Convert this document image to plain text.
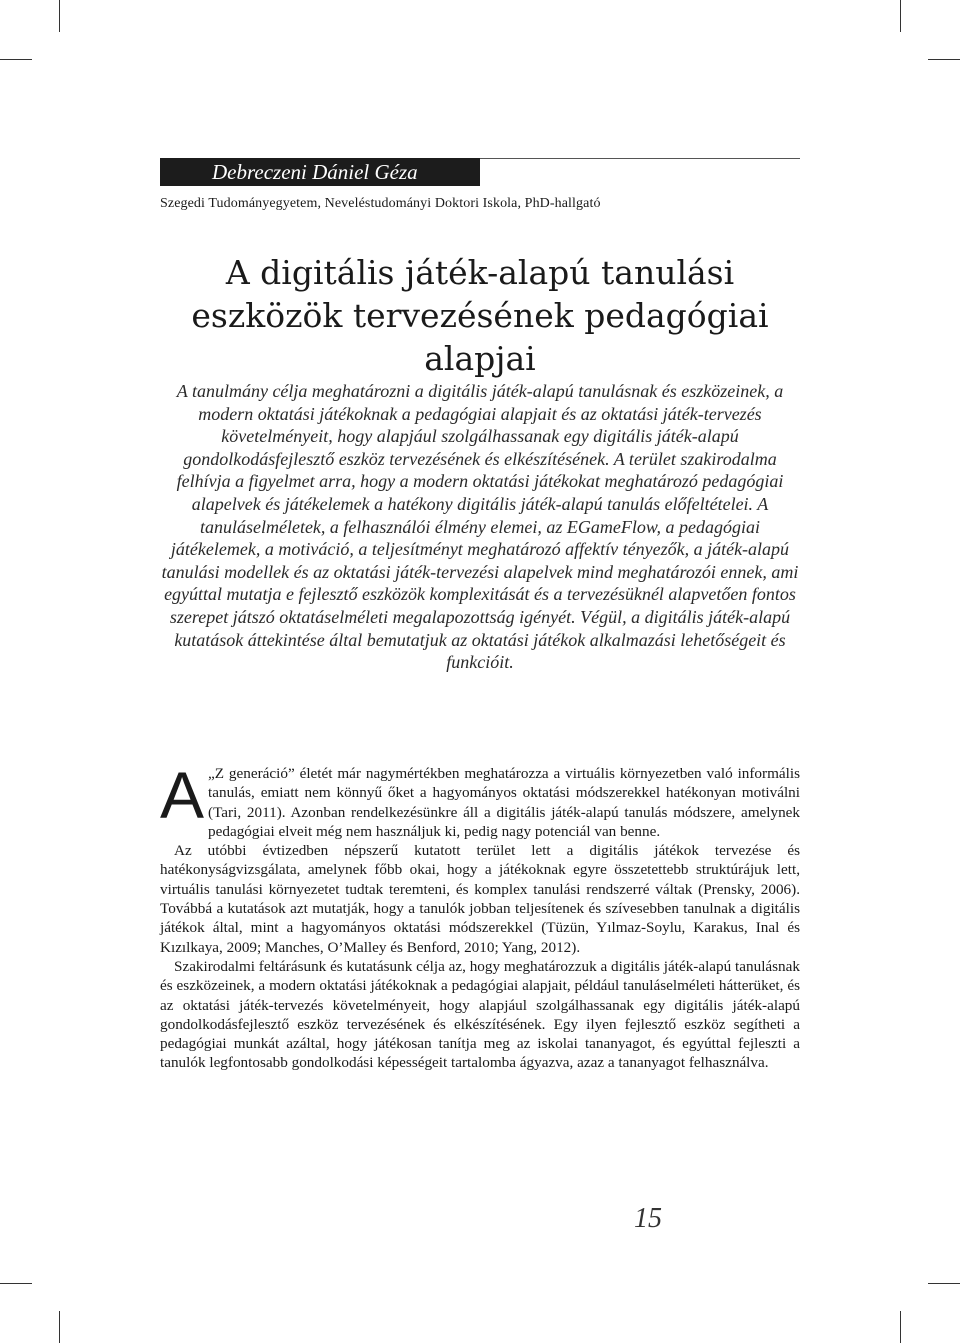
Debreczeni Dániel Géza
Szegedi Tudományegyetem, Neveléstudományi Doktori Iskola, PhD-hallgató
A digitális játék-alapú tanulási
eszközök tervezésének pedagógiai
alapjai
A tanulmány célja meghatározni a digitális játék-alapú tanulásnak és eszközeinek, a modern oktatási játékoknak a pedagógiai alapjait és az oktatási játék-tervezés követelményeit, hogy alapjául szolgálhassanak egy digitális játék-alapú gondolkodásfejlesztő eszköz tervezésének és elkészítésének. A terület szakirodalma felhívja a figyelmet arra, hogy a modern oktatási játékokat meghatározó pedagógiai alapelvek és játékelemek a hatékony digitális játék-alapú tanulás előfeltételei. A tanuláselméletek, a felhasználói élmény elemei, az EGameFlow, a pedagógiai játékelemek, a motiváció, a teljesítményt meghatározó affektív tényezők, a játék-alapú tanulási modellek és az oktatási játék-tervezési alapelvek mind meghatározói ennek, ami egyúttal mutatja e fejlesztő eszközök komplexitását és a tervezésüknél alapvetően fontos szerepet játszó oktatáselméleti megalapozottság igényét. Végül, a digitális játék-alapú kutatások áttekintése által bemutatjuk az oktatási játékok alkalmazási lehetőségeit és funkcióit.

A „Z generáció” életét már nagymértékben meghatározza a virtuális környezetben való informális tanulás, emiatt nem könnyű őket a hagyományos oktatási módszerekkel hatékonyan motiválni (Tari, 2011). Azonban rendelkezésünkre áll a digitális játék-alapú tanulás módszere, amelynek pedagógiai elveit még nem használjuk ki, pedig nagy potenciál van benne.

Az utóbbi évtizedben népszerű kutatott terület lett a digitális játékok tervezése és hatékonyságvizsgálata, amelynek főbb okai, hogy a játékoknak egyre összetettebb struktúrájuk lett, virtuális tanulási környezetet tudtak teremteni, és komplex tanulási rendszerré váltak (Prensky, 2006). Továbbá a kutatások azt mutatják, hogy a tanulók jobban teljesítenek és szívesebben tanulnak a digitális játékok által, mint a hagyományos oktatási módszerekkel (Tüzün, Yılmaz-Soylu, Karakus, Inal és Kızılkaya, 2009; Manches, O’Malley és Benford, 2010; Yang, 2012).

Szakirodalmi feltárásunk és kutatásunk célja az, hogy meghatározzuk a digitális játék-alapú tanulásnak és eszközeinek, a modern oktatási játékoknak a pedagógiai alapjait, például tanuláselméleti hátterüket, és az oktatási játék-tervezés követelményeit, hogy alapjául szolgálhassanak egy digitális játék-alapú gondolkodásfejlesztő eszköz tervezésének és elkészítésének. Egy ilyen fejlesztő eszköz segítheti a pedagógiai munkát azáltal, hogy játékosan tanítja meg az iskolai tananyagot, és egyúttal fejleszti a tanulók legfontosabb gondolkodási képességeit tartalomba ágyazva, azaz a tananyagot felhasználva.

15
